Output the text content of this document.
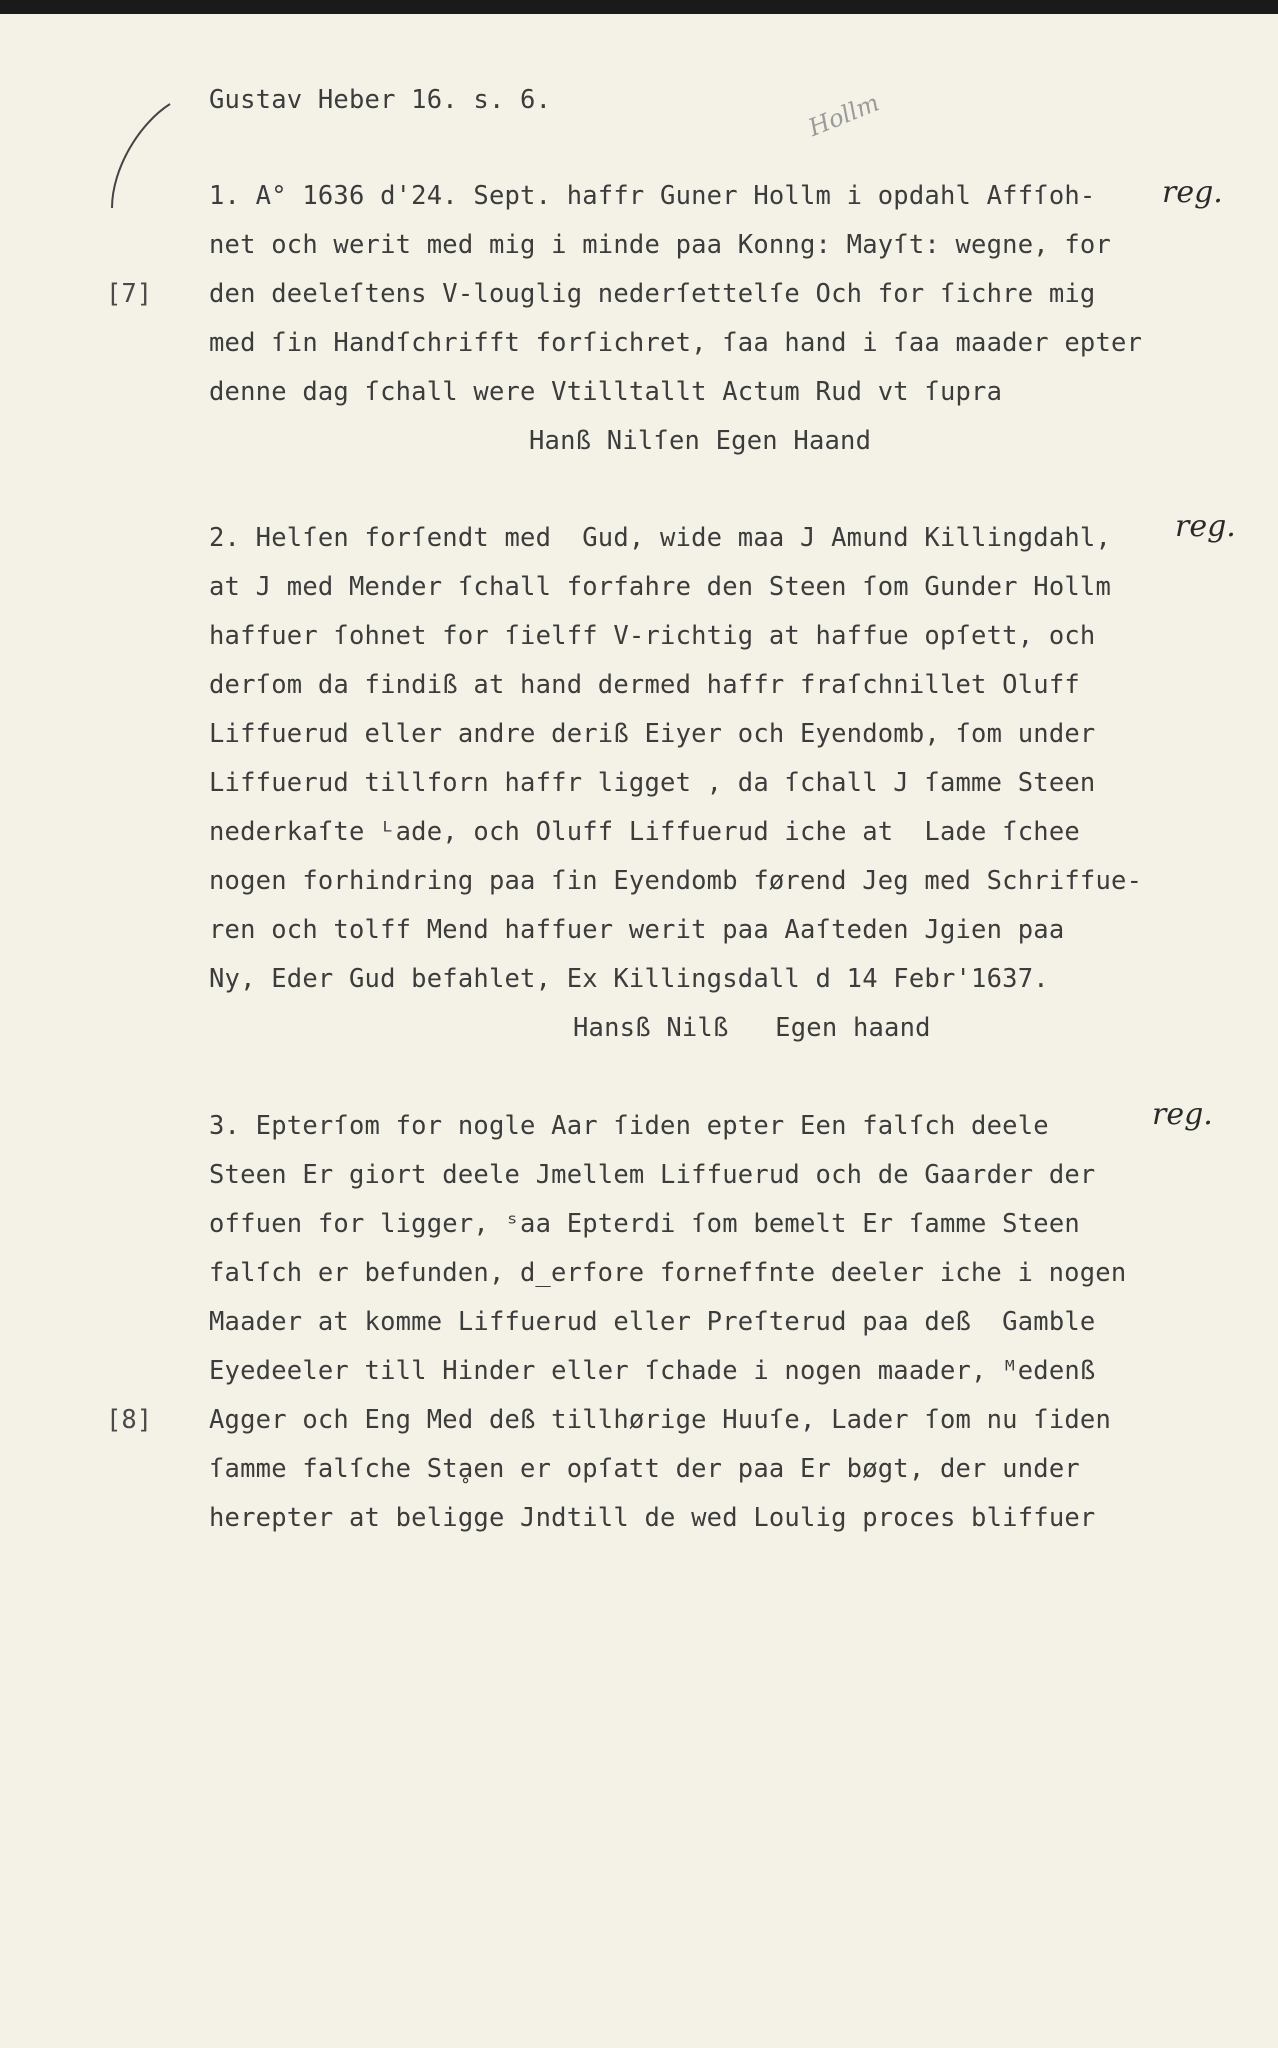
Gustav Heber 16. s. 6.	Hollm
1. A° 1636 d'24. Sept. haffr Guner Hollm i opdahl Affſoh-
net och werit med mig i minde paa Konng: Mayſt: wegne, for
den deeleſtens V-louglig nederſettelſe Och for ſichre mig
med ſin Handſchrifft forſichret, ſaa hand i ſaa maader epter
denne dag ſchall were Vtilltallt Actum Rud vt ſupra
Hanß Nilſen Egen Haand
reg.
[7]
2. Helſen forſendt med  Gud, wide maa J Amund Killingdahl,
at J med Mender ſchall forfahre den Steen ſom Gunder Hollm
haffuer ſohnet for ſielff V-richtig at haffue opſett, och
derſom da findiß at hand dermed haffr fraſchnillet Oluff
Liffuerud eller andre deriß Eiyer och Eyendomb, ſom under
Liffuerud tillforn haffr ligget , da ſchall J ſamme Steen
nederkaſte ᴸade, och Oluff Liffuerud iche at  Lade ſchee
nogen forhindring paa ſin Eyendomb førend Jeg med Schriffue-
ren och tolff Mend haffuer werit paa Aaſteden Jgien paa
Ny, Eder Gud befahlet, Ex Killingsdall d 14 Febr'1637.
Hansß Nilß   Egen haand
reg.
3. Epterſom for nogle Aar ſiden epter Een falſch deele
Steen Er giort deele Jmellem Liffuerud och de Gaarder der
offuen for ligger, ˢaa Epterdi ſom bemelt Er ſamme Steen
falſch er befunden, d̲erfore forneffnte deeler iche i nogen
Maader at komme Liffuerud eller Preſterud paa deß  Gamble
Eyedeeler till Hinder eller ſchade i nogen maader, ᴹedenß
Agger och Eng Med deß tillhørige Huuſe, Lader ſom nu ſiden
ſamme falſche Stḁen er opſatt der paa Er bøgt, der under
herepter at beligge Jndtill de wed Loulig proces bliffuer
reg.
[8]
